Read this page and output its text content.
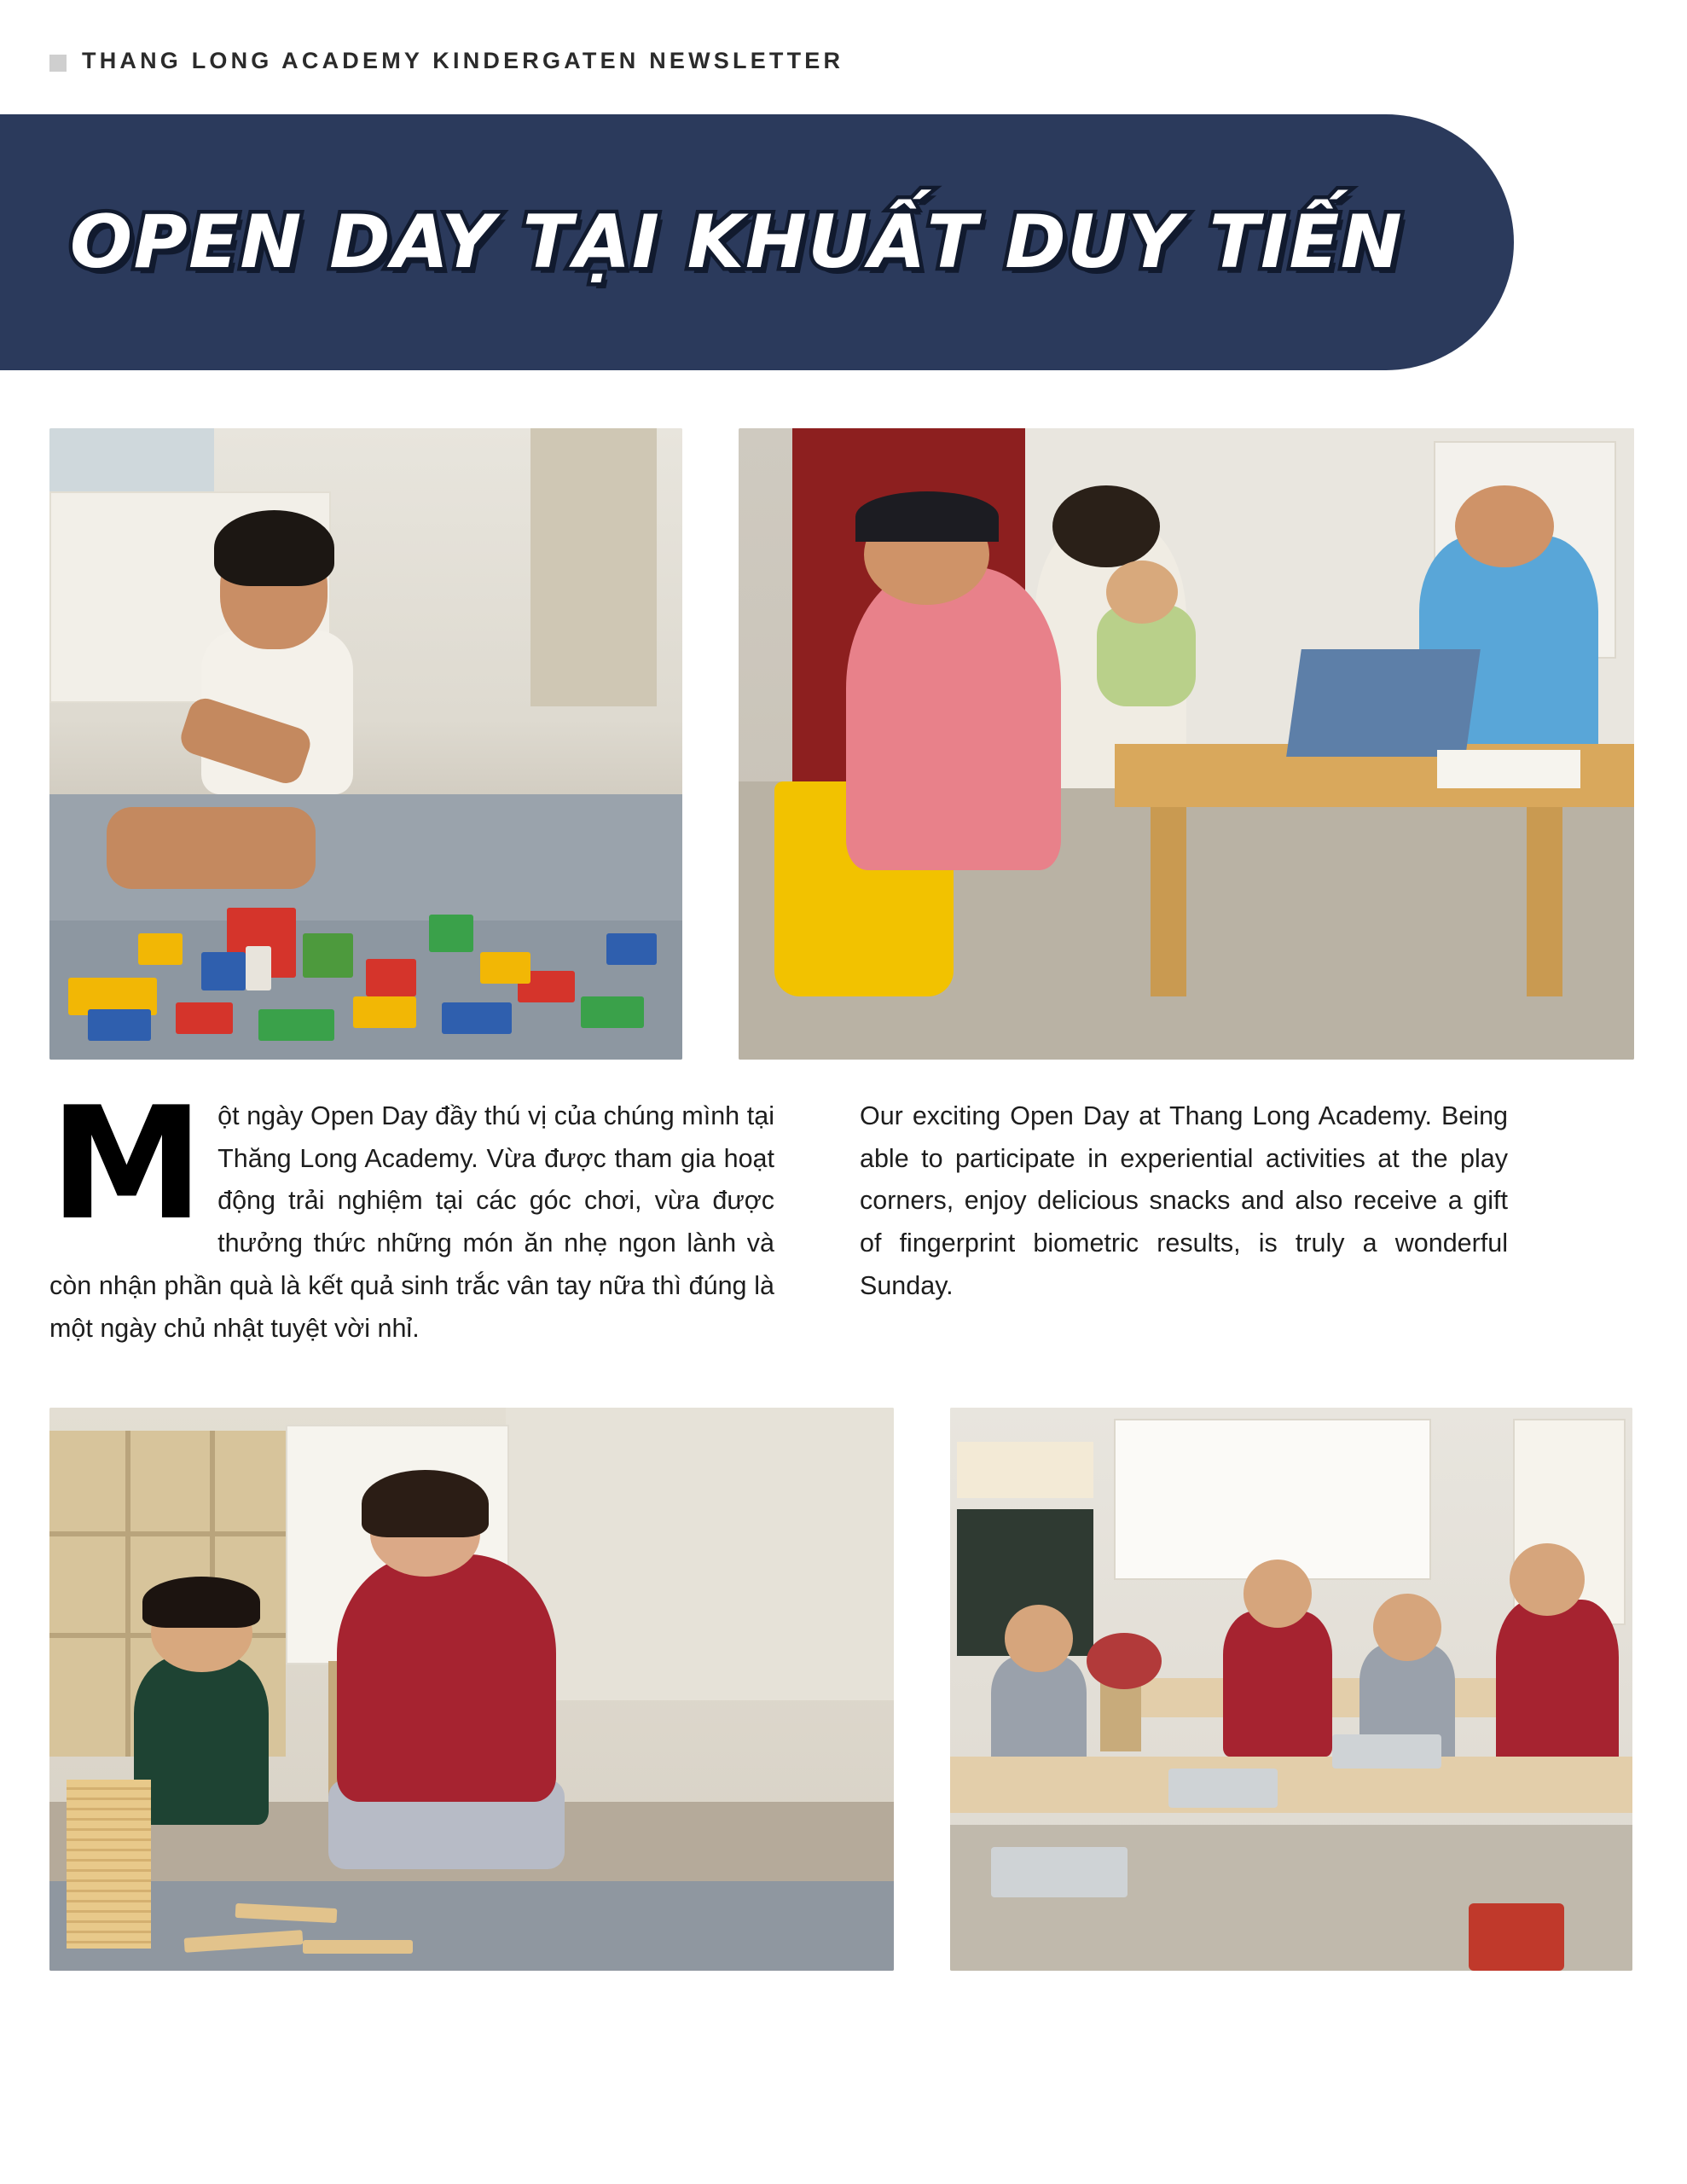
THANG LONG ACADEMY KINDERGATEN NEWSLETTER
OPEN DAY TẠI KHUẤT DUY TIẾN
M ột ngày Open Day đầy thú vị của chúng mình tại Thăng Long Academy. Vừa được tham gia hoạt động trải nghiệm tại các góc chơi, vừa được thưởng thức những món ăn nhẹ ngon lành và còn nhận phần quà là kết quả sinh trắc vân tay nữa thì đúng là một ngày chủ nhật tuyệt vời nhỉ.
Our exciting Open Day at Thang Long Academy. Being able to participate in experiential activities at the play corners, enjoy delicious snacks and also receive a gift of fingerprint biometric results, is truly a wonderful Sunday.
